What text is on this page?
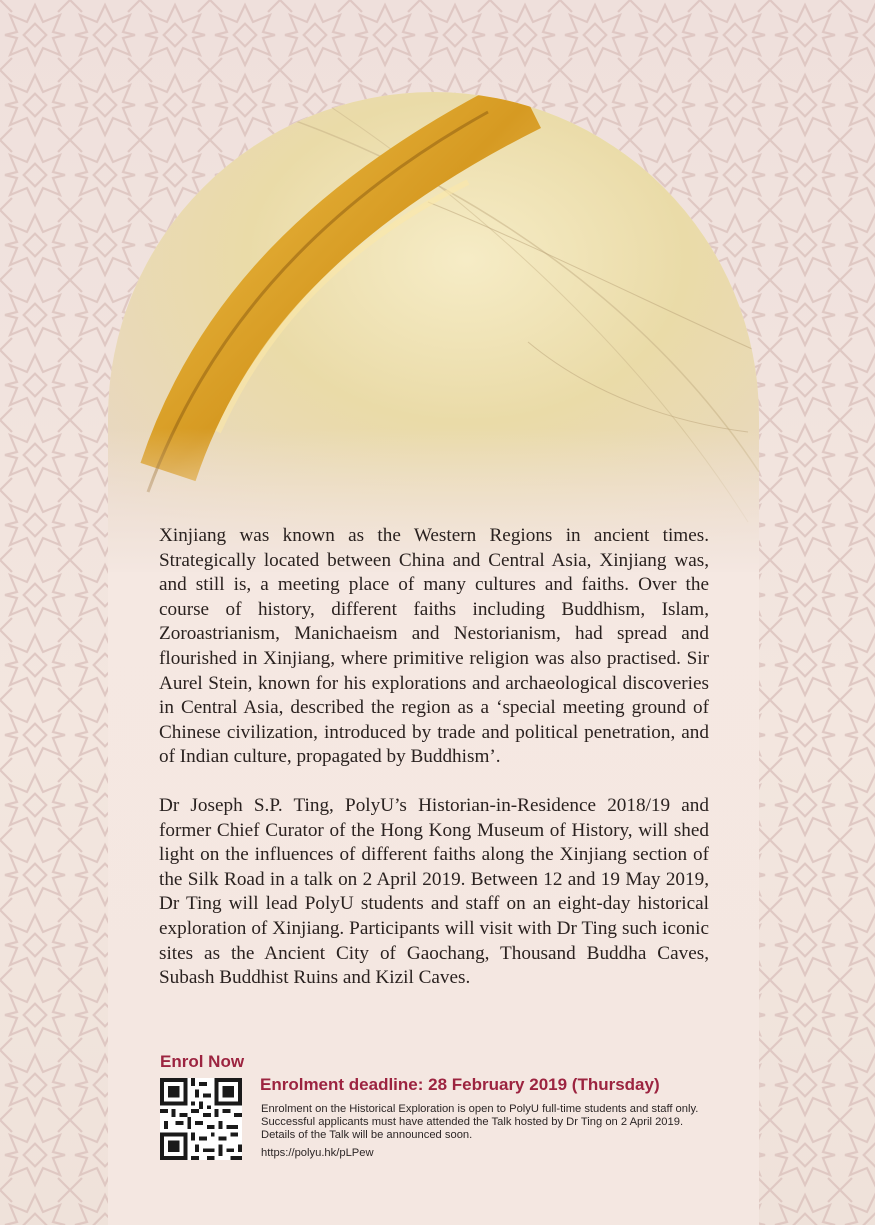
Xinjiang was known as the Western Regions in ancient times. Strategically located between China and Central Asia, Xinjiang was, and still is, a meeting place of many cultures and faiths. Over the course of history, different faiths including Buddhism, Islam, Zoroastrianism, Manichaeism and Nestorianism, had spread and flourished in Xinjiang, where primitive religion was also practised. Sir Aurel Stein, known for his explorations and archaeological discoveries in Central Asia, described the region as a ‘special meeting ground of Chinese civilization, introduced by trade and political penetration, and of Indian culture, propagated by Buddhism’.

Dr Joseph S.P. Ting, PolyU’s Historian-in-Residence 2018/19 and former Chief Curator of the Hong Kong Museum of History, will shed light on the influences of different faiths along the Xinjiang section of the Silk Road in a talk on 2 April 2019. Between 12 and 19 May 2019, Dr Ting will lead PolyU students and staff on an eight-day historical exploration of Xinjiang. Participants will visit with Dr Ting such iconic sites as the Ancient City of Gaochang, Thousand Buddha Caves, Subash Buddhist Ruins and Kizil Caves.

Enrol Now
Enrolment deadline: 28 February 2019 (Thursday)
Enrolment on the Historical Exploration is open to PolyU full-time students and staff only.
Successful applicants must have attended the Talk hosted by Dr Ting on 2 April 2019.
Details of the Talk will be announced soon.
https://polyu.hk/pLPew
